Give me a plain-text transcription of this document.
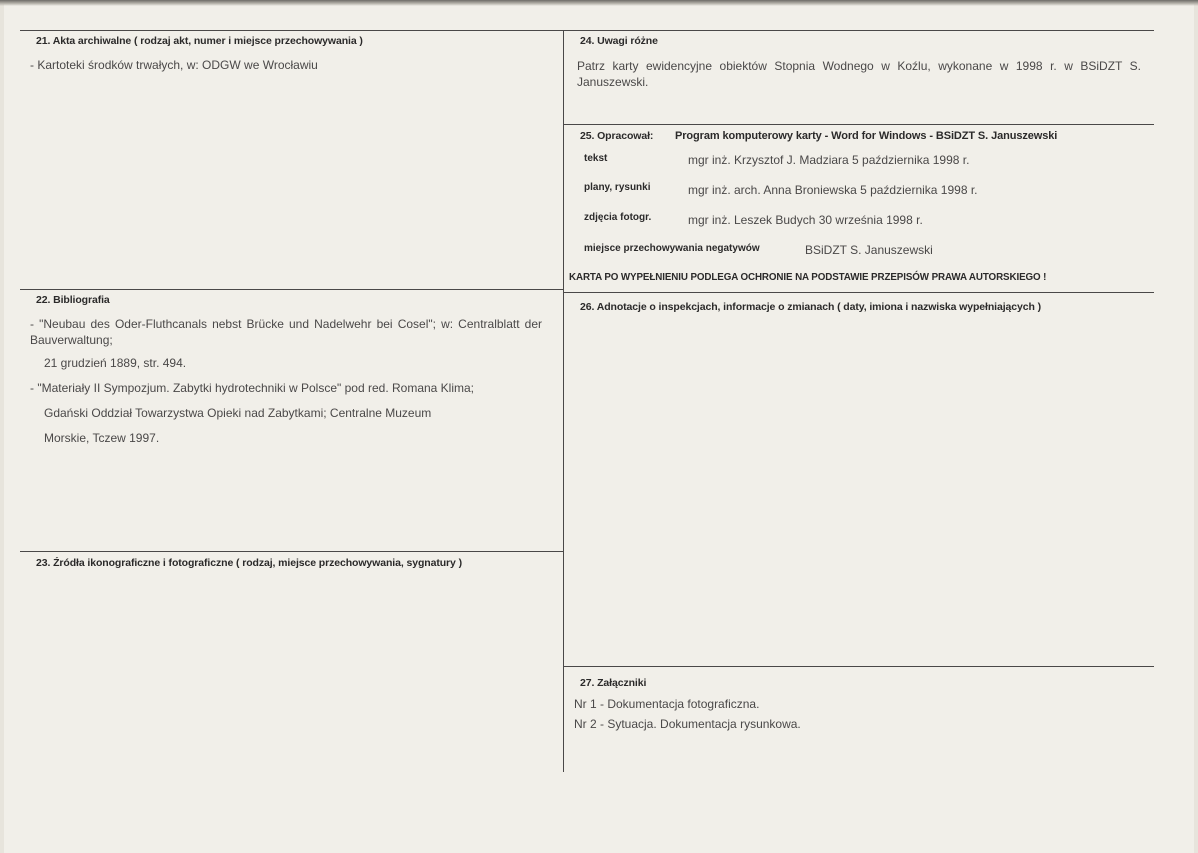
21. Akta archiwalne ( rodzaj akt, numer i miejsce przechowywania )
- Kartoteki środków trwałych, w: ODGW we Wrocławiu
22. Bibliografia
- "Neubau des Oder-Fluthcanals nebst Brücke und Nadelwehr bei Cosel"; w: Centralblatt der Bauverwaltung;
21 grudzień 1889, str. 494.
- "Materiały II Sympozjum. Zabytki hydrotechniki w Polsce" pod red. Romana Klima;
Gdański Oddział Towarzystwa Opieki nad Zabytkami; Centralne Muzeum
Morskie, Tczew 1997.
23. Źródła ikonograficzne i fotograficzne ( rodzaj, miejsce przechowywania, sygnatury )
24. Uwagi różne
Patrz karty ewidencyjne obiektów Stopnia Wodnego w Koźlu, wykonane w 1998 r. w BSiDZT S. Januszewski.
25. Opracował: Program komputerowy karty - Word for Windows - BSiDZT S. Januszewski
tekst	mgr inż. Krzysztof J. Madziara 5 października 1998 r.
plany, rysunki	mgr inż. arch. Anna Broniewska 5 października 1998 r.
zdjęcia fotogr.	mgr inż. Leszek Budych 30 września 1998 r.
miejsce przechowywania negatywów	BSiDZT S. Januszewski
KARTA PO WYPEŁNIENIU PODLEGA OCHRONIE NA PODSTAWIE PRZEPISÓW PRAWA AUTORSKIEGO !
26. Adnotacje o inspekcjach, informacje o zmianach ( daty, imiona i nazwiska wypełniających )
27. Załączniki
Nr 1 - Dokumentacja fotograficzna.
Nr 2 - Sytuacja. Dokumentacja rysunkowa.
